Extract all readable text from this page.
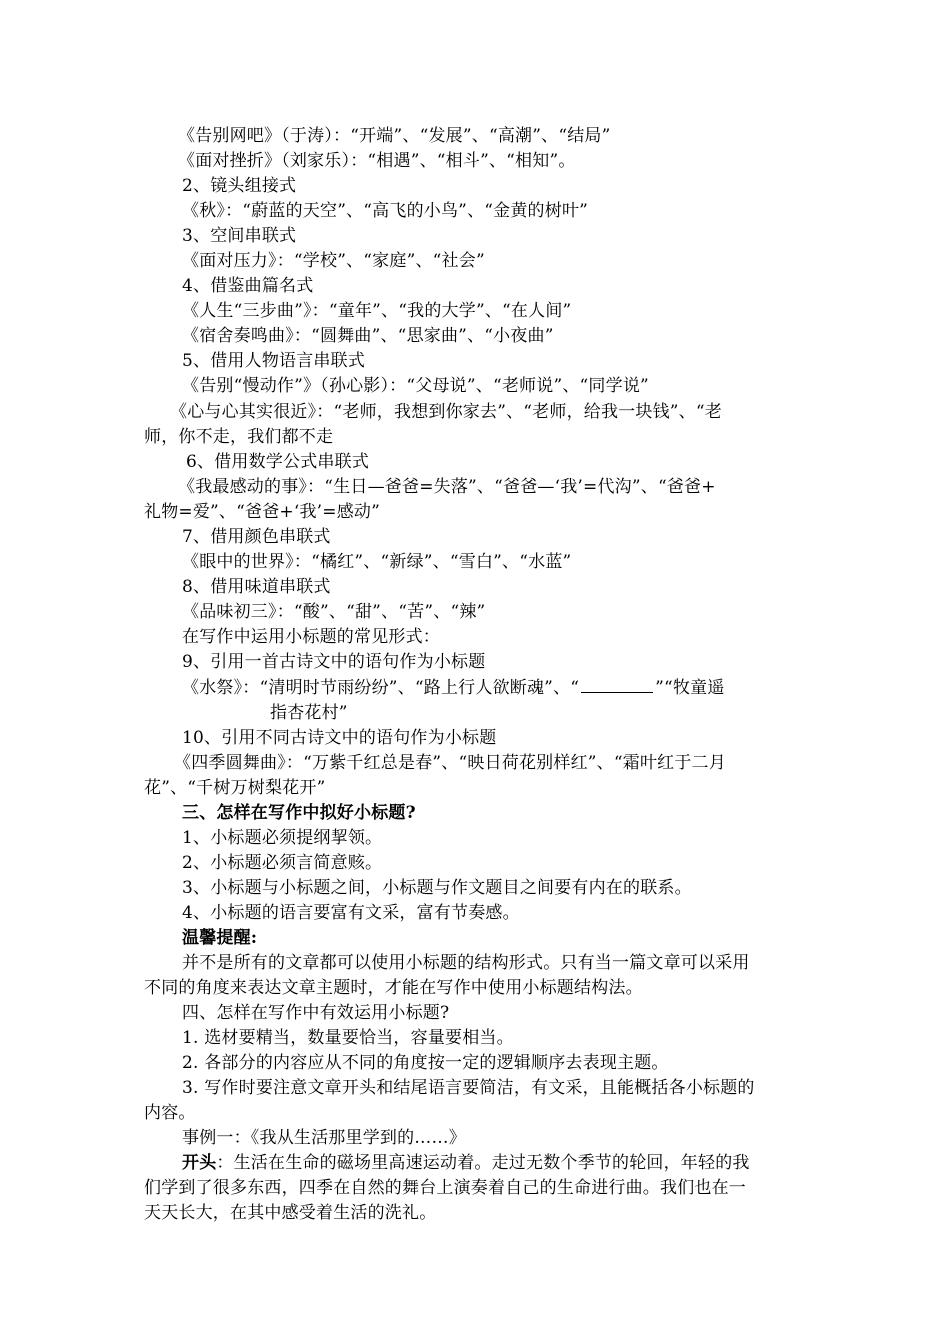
《告别网吧》（于涛）：“开端”、“发展”、“高潮”、“结局”
《面对挫折》（刘家乐）：“相遇”、“相斗”、“相知”。
2、镜头组接式
《秋》：“蔚蓝的天空”、“高飞的小鸟”、“金黄的树叶”
3、空间串联式
《面对压力》：“学校”、“家庭”、“社会”
4、借鉴曲篇名式
《人生“三步曲”》：“童年”、“我的大学”、“在人间”
《宿舍奏鸣曲》：“圆舞曲”、“思家曲”、“小夜曲”
5、借用人物语言串联式
《告别“慢动作”》（孙心影）：“父母说”、“老师说”、“同学说”
《心与心其实很近》：“老师，我想到你家去”、“老师，给我一块钱”、“老
师，你不走，我们都不走
6、借用数学公式串联式
《我最感动的事》：“生日—爸爸=失落”、“爸爸—‘我’=代沟”、“爸爸+
礼物=爱”、“爸爸+‘我’=感动”
7、借用颜色串联式
《眼中的世界》：“橘红”、“新绿”、“雪白”、“水蓝”
8、借用味道串联式
《品味初三》：“酸”、“甜”、“苦”、“辣”
在写作中运用小标题的常见形式：
9、引用一首古诗文中的语句作为小标题
《水祭》：“清明时节雨纷纷”、“路上行人欲断魂”、“	”“牧童遥
指杏花村”
10、引用不同古诗文中的语句作为小标题
《四季圆舞曲》：“万紫千红总是春”、“映日荷花别样红”、“霜叶红于二月
花”、“千树万树梨花开”
三、怎样在写作中拟好小标题?
1、小标题必须提纲挈领。
2、小标题必须言简意赅。
3、小标题与小标题之间，小标题与作文题目之间要有内在的联系。
4、小标题的语言要富有文采，富有节奏感。
温馨提醒:
并不是所有的文章都可以使用小标题的结构形式。只有当一篇文章可以采用
不同的角度来表达文章主题时，才能在写作中使用小标题结构法。
四、怎样在写作中有效运用小标题?
1. 选材要精当，数量要恰当，容量要相当。
2. 各部分的内容应从不同的角度按一定的逻辑顺序去表现主题。
3. 写作时要注意文章开头和结尾语言要简洁，有文采，且能概括各小标题的
内容。
事例一：《我从生活那里学到的……》
开头：生活在生命的磁场里高速运动着。走过无数个季节的轮回，年轻的我
们学到了很多东西，四季在自然的舞台上演奏着自己的生命进行曲。我们也在一
天天长大，在其中感受着生活的洗礼。
